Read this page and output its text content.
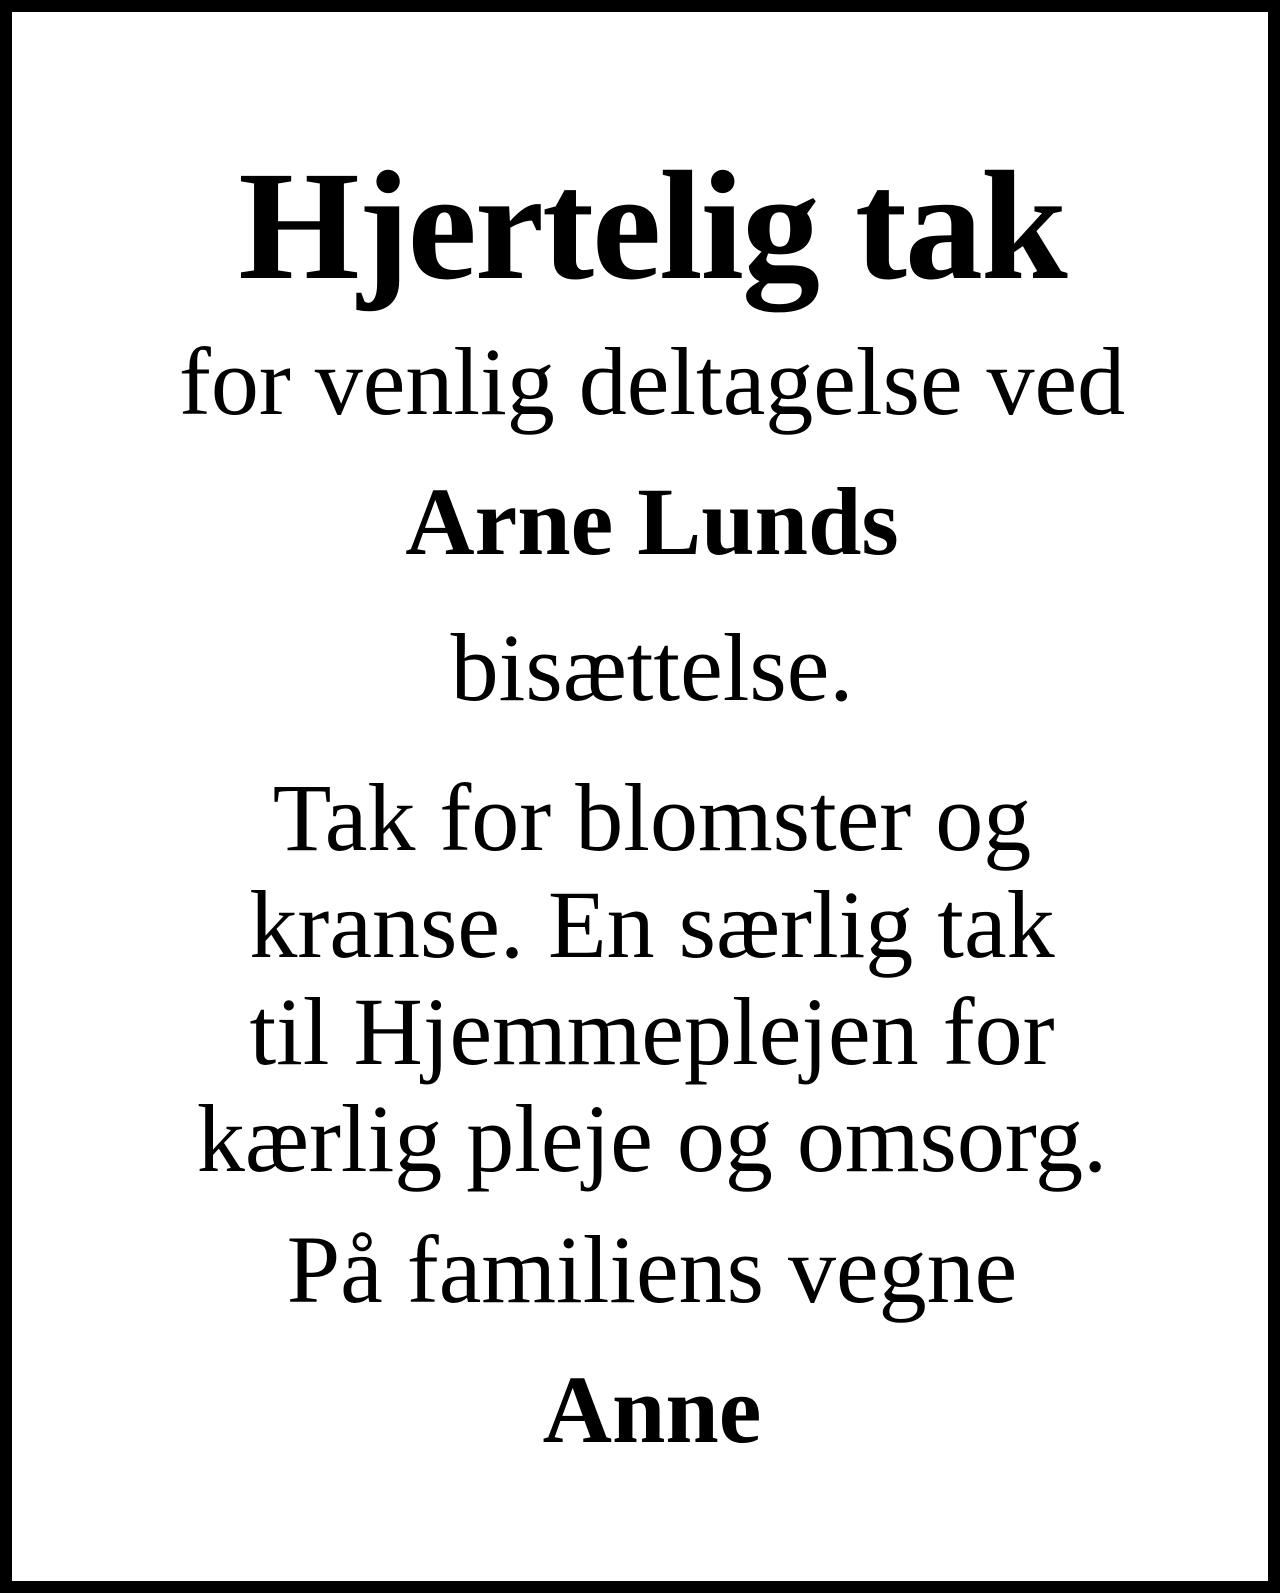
Hjertelig tak

for venlig deltagelse ved

Arne Lunds

bisættelse.

Tak for blomster og
kranse. En særlig tak
til Hjemmeplejen for
kærlig pleje og omsorg.

På familiens vegne

Anne
